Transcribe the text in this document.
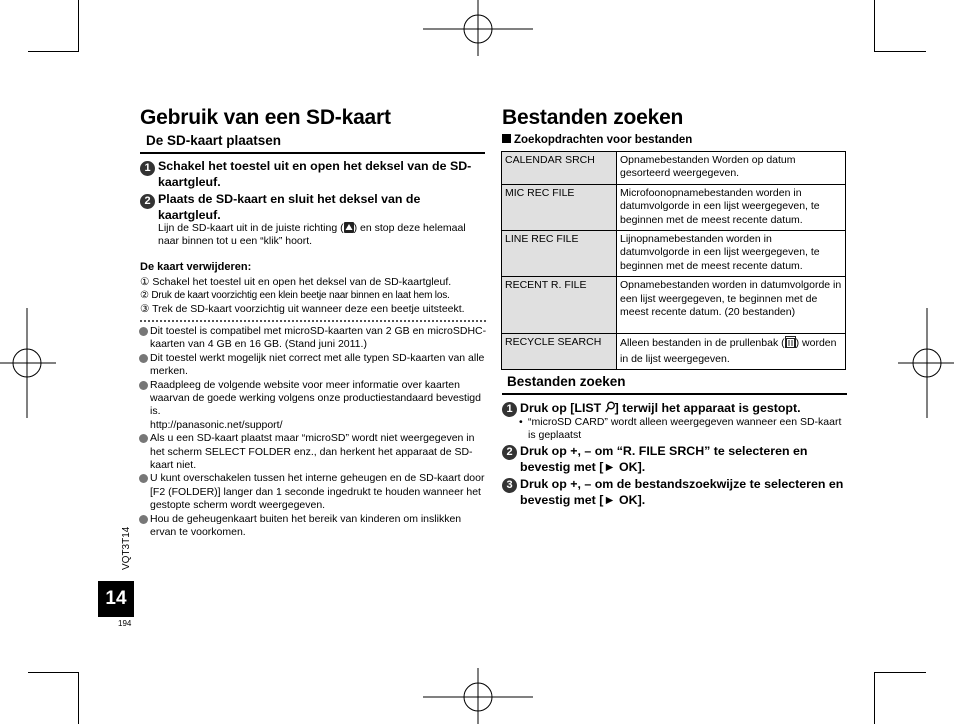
Gebruik van een SD-kaart
De SD-kaart plaatsen
1 Schakel het toestel uit en open het deksel van de SD-kaartgleuf.
2 Plaats de SD-kaart en sluit het deksel van de kaartgleuf.
Lijn de SD-kaart uit in de juiste richting ( ) en stop deze helemaal naar binnen tot u een “klik” hoort.
De kaart verwijderen:
① Schakel het toestel uit en open het deksel van de SD-kaartgleuf.
② Druk de kaart voorzichtig een klein beetje naar binnen en laat hem los.
③ Trek de SD-kaart voorzichtig uit wanneer deze een beetje uitsteekt.
Dit toestel is compatibel met microSD-kaarten van 2 GB en microSDHC-kaarten van 4 GB en 16 GB. (Stand juni 2011.)
Dit toestel werkt mogelijk niet correct met alle typen SD-kaarten van alle merken.
Raadpleeg de volgende website voor meer informatie over kaarten waarvan de goede werking volgens onze productiestandaard bevestigd is.
http://panasonic.net/support/
Als u een SD-kaart plaatst maar “microSD” wordt niet weergegeven in het scherm SELECT FOLDER enz., dan herkent het apparaat de SD-kaart niet.
U kunt overschakelen tussen het interne geheugen en de SD-kaart door [F2 (FOLDER)] langer dan 1 seconde ingedrukt te houden wanneer het gestopte scherm wordt weergegeven.
Hou de geheugenkaart buiten het bereik van kinderen om inslikken ervan te voorkomen.
Bestanden zoeken
Zoekopdrachten voor bestanden
CALENDAR SRCH	Opnamebestanden Worden op datum gesorteerd weergegeven.
MIC REC FILE	Microfoonopnamebestanden worden in datumvolgorde in een lijst weergegeven, te beginnen met de meest recente datum.
LINE REC FILE	Lijnopnamebestanden worden in datumvolgorde in een lijst weergegeven, te beginnen met de meest recente datum.
RECENT R. FILE	Opnamebestanden worden in datumvolgorde in een lijst weergegeven, te beginnen met de meest recente datum. (20 bestanden)
RECYCLE SEARCH	Alleen bestanden in de prullenbak ( ) worden in de lijst weergegeven.
Bestanden zoeken
1 Druk op [LIST ] terwijl het apparaat is gestopt.
• “microSD CARD” wordt alleen weergegeven wanneer een SD-kaart is geplaatst
2 Druk op +, – om “R. FILE SRCH” te selecteren en bevestig met [► OK].
3 Druk op +, – om de bestandszoekwijze te selecteren en bevestig met [► OK].
VQT3T14
14
194
